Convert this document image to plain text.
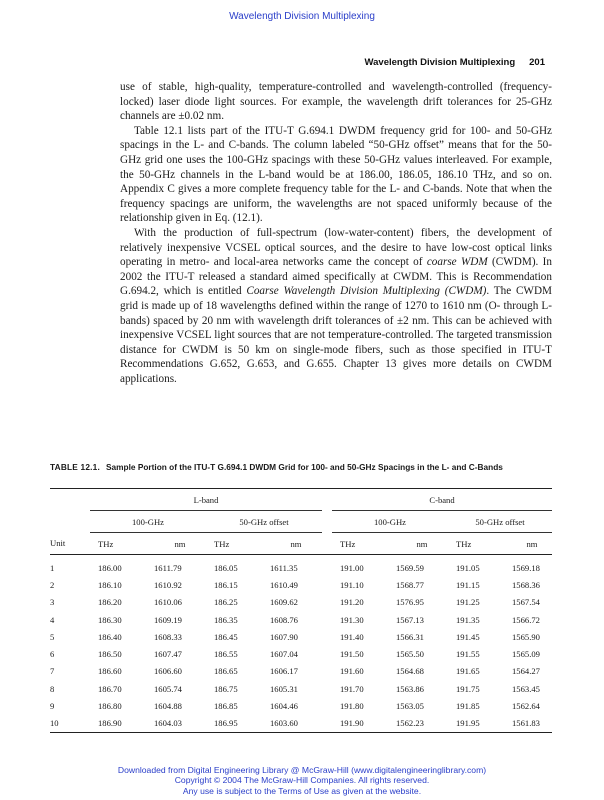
Wavelength Division Multiplexing
Wavelength Division Multiplexing 201

use of stable, high-quality, temperature-controlled and wavelength-controlled (frequency-locked) laser diode light sources. For example, the wavelength drift tolerances for 25-GHz channels are ±0.02 nm.

Table 12.1 lists part of the ITU-T G.694.1 DWDM frequency grid for 100- and 50-GHz spacings in the L- and C-bands. The column labeled “50-GHz offset” means that for the 50-GHz grid one uses the 100-GHz spacings with these 50-GHz values interleaved. For example, the 50-GHz channels in the L-band would be at 186.00, 186.05, 186.10 THz, and so on. Appendix C gives a more complete frequency table for the L- and C-bands. Note that when the frequency spacings are uniform, the wavelengths are not spaced uniformly because of the relationship given in Eq. (12.1).

With the production of full-spectrum (low-water-content) fibers, the development of relatively inexpensive VCSEL optical sources, and the desire to have low-cost optical links operating in metro- and local-area networks came the concept of coarse WDM (CWDM). In 2002 the ITU-T released a standard aimed specifically at CWDM. This is Recommendation G.694.2, which is entitled Coarse Wavelength Division Multiplexing (CWDM). The CWDM grid is made up of 18 wavelengths defined within the range of 1270 to 1610 nm (O- through L-bands) spaced by 20 nm with wavelength drift tolerances of ±2 nm. This can be achieved with inexpensive VCSEL light sources that are not temperature-controlled. The targeted transmission distance for CWDM is 50 km on single-mode fibers, such as those specified in ITU-T Recommendations G.652, G.653, and G.655. Chapter 13 gives more details on CWDM applications.

TABLE 12.1. Sample Portion of the ITU-T G.694.1 DWDM Grid for 100- and 50-GHz Spacings in the L- and C-Bands
	L-band					C-band			
	100-GHz		50-GHz offset			100-GHz		50-GHz offset	
Unit	THz	nm	THz	nm		THz	nm	THz	nm
1	186.00	1611.79	186.05	1611.35		191.00	1569.59	191.05	1569.18
2	186.10	1610.92	186.15	1610.49		191.10	1568.77	191.15	1568.36
3	186.20	1610.06	186.25	1609.62		191.20	1576.95	191.25	1567.54
4	186.30	1609.19	186.35	1608.76		191.30	1567.13	191.35	1566.72
5	186.40	1608.33	186.45	1607.90		191.40	1566.31	191.45	1565.90
6	186.50	1607.47	186.55	1607.04		191.50	1565.50	191.55	1565.09
7	186.60	1606.60	186.65	1606.17		191.60	1564.68	191.65	1564.27
8	186.70	1605.74	186.75	1605.31		191.70	1563.86	191.75	1563.45
9	186.80	1604.88	186.85	1604.46		191.80	1563.05	191.85	1562.64
10	186.90	1604.03	186.95	1603.60		191.90	1562.23	191.95	1561.83
Downloaded from Digital Engineering Library @ McGraw-Hill (www.digitalengineeringlibrary.com)
Copyright © 2004 The McGraw-Hill Companies. All rights reserved.
Any use is subject to the Terms of Use as given at the website.
